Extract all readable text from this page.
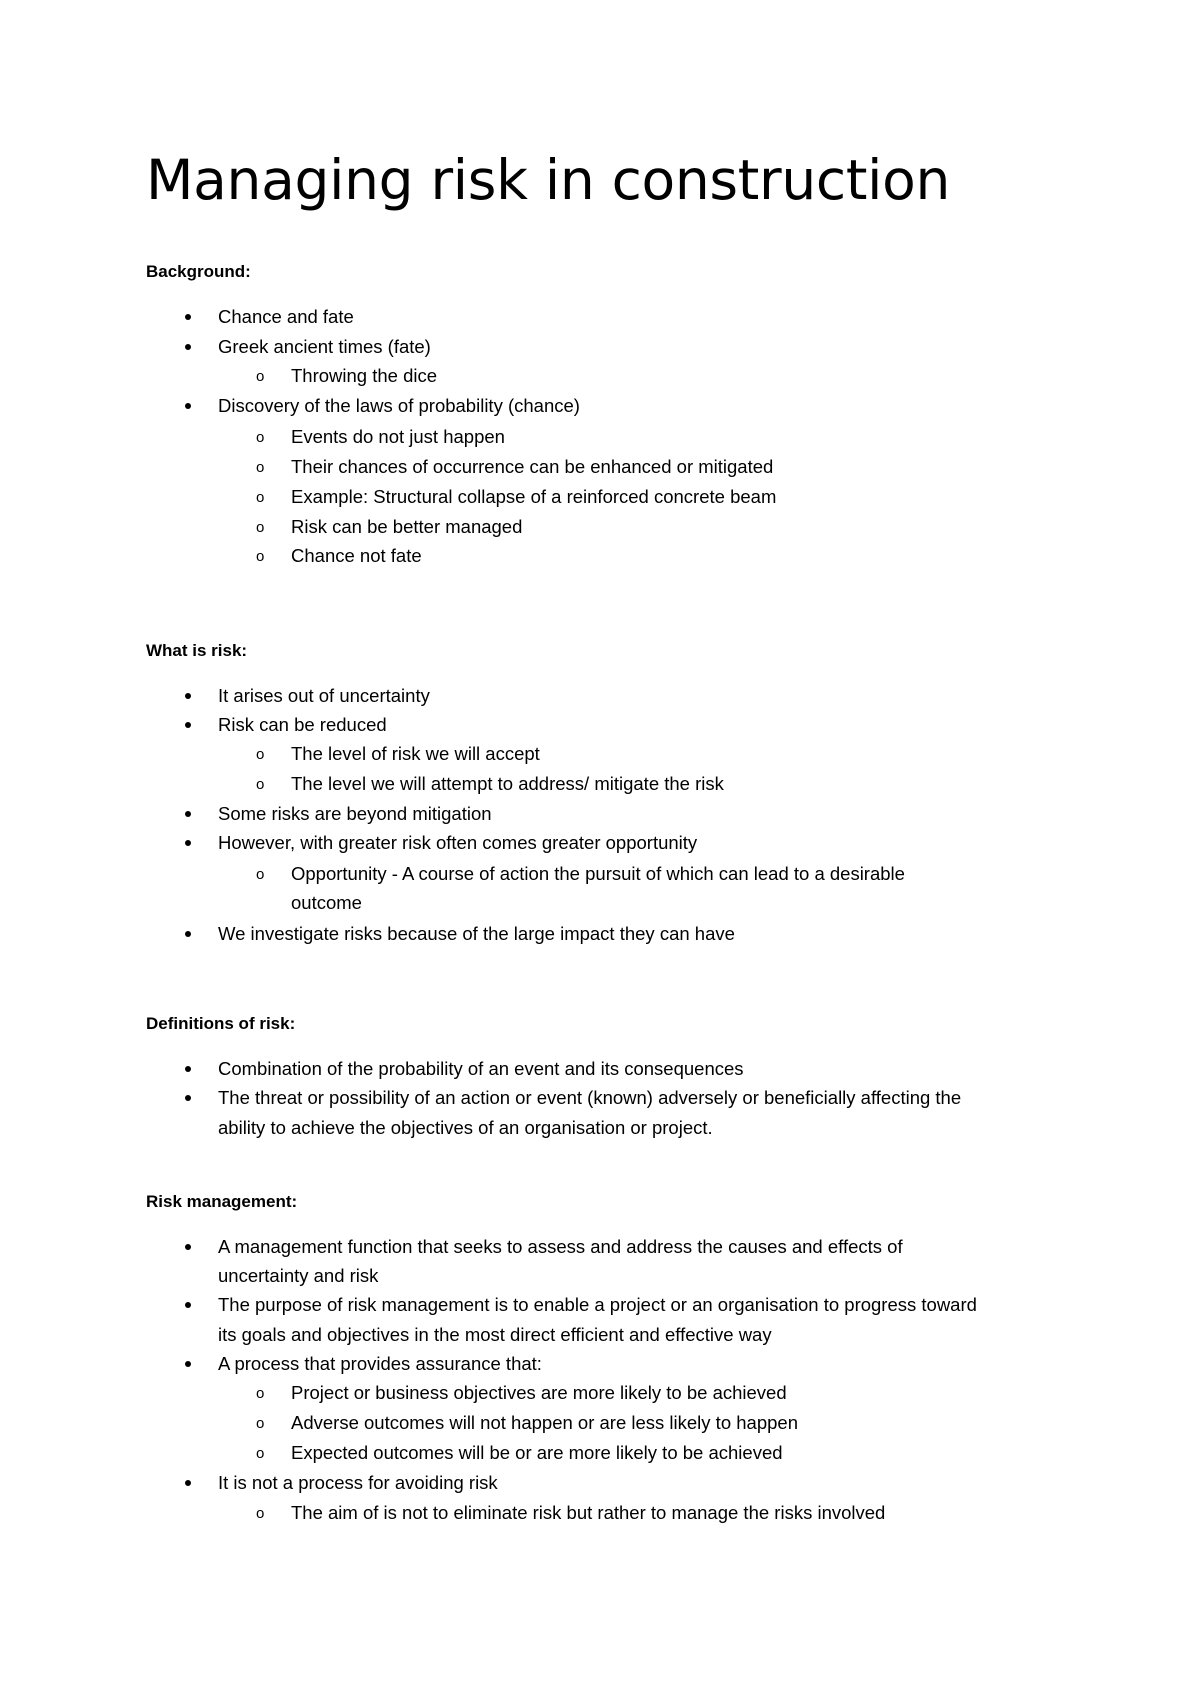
Managing risk in construction
Background:
Chance and fate
Greek ancient times (fate)
o Throwing the dice
Discovery of the laws of probability (chance)
o Events do not just happen
o Their chances of occurrence can be enhanced or mitigated
o Example: Structural collapse of a reinforced concrete beam
o Risk can be better managed
o Chance not fate
What is risk:
It arises out of uncertainty
Risk can be reduced
o The level of risk we will accept
o The level we will attempt to address/ mitigate the risk
Some risks are beyond mitigation
However, with greater risk often comes greater opportunity
o Opportunity - A course of action the pursuit of which can lead to a desirable
outcome
We investigate risks because of the large impact they can have
Definitions of risk:
Combination of the probability of an event and its consequences
The threat or possibility of an action or event (known) adversely or beneficially affecting the
ability to achieve the objectives of an organisation or project.
Risk management:
A management function that seeks to assess and address the causes and effects of
uncertainty and risk
The purpose of risk management is to enable a project or an organisation to progress toward
its goals and objectives in the most direct efficient and effective way
A process that provides assurance that:
o Project or business objectives are more likely to be achieved
o Adverse outcomes will not happen or are less likely to happen
o Expected outcomes will be or are more likely to be achieved
It is not a process for avoiding risk
o The aim of is not to eliminate risk but rather to manage the risks involved
